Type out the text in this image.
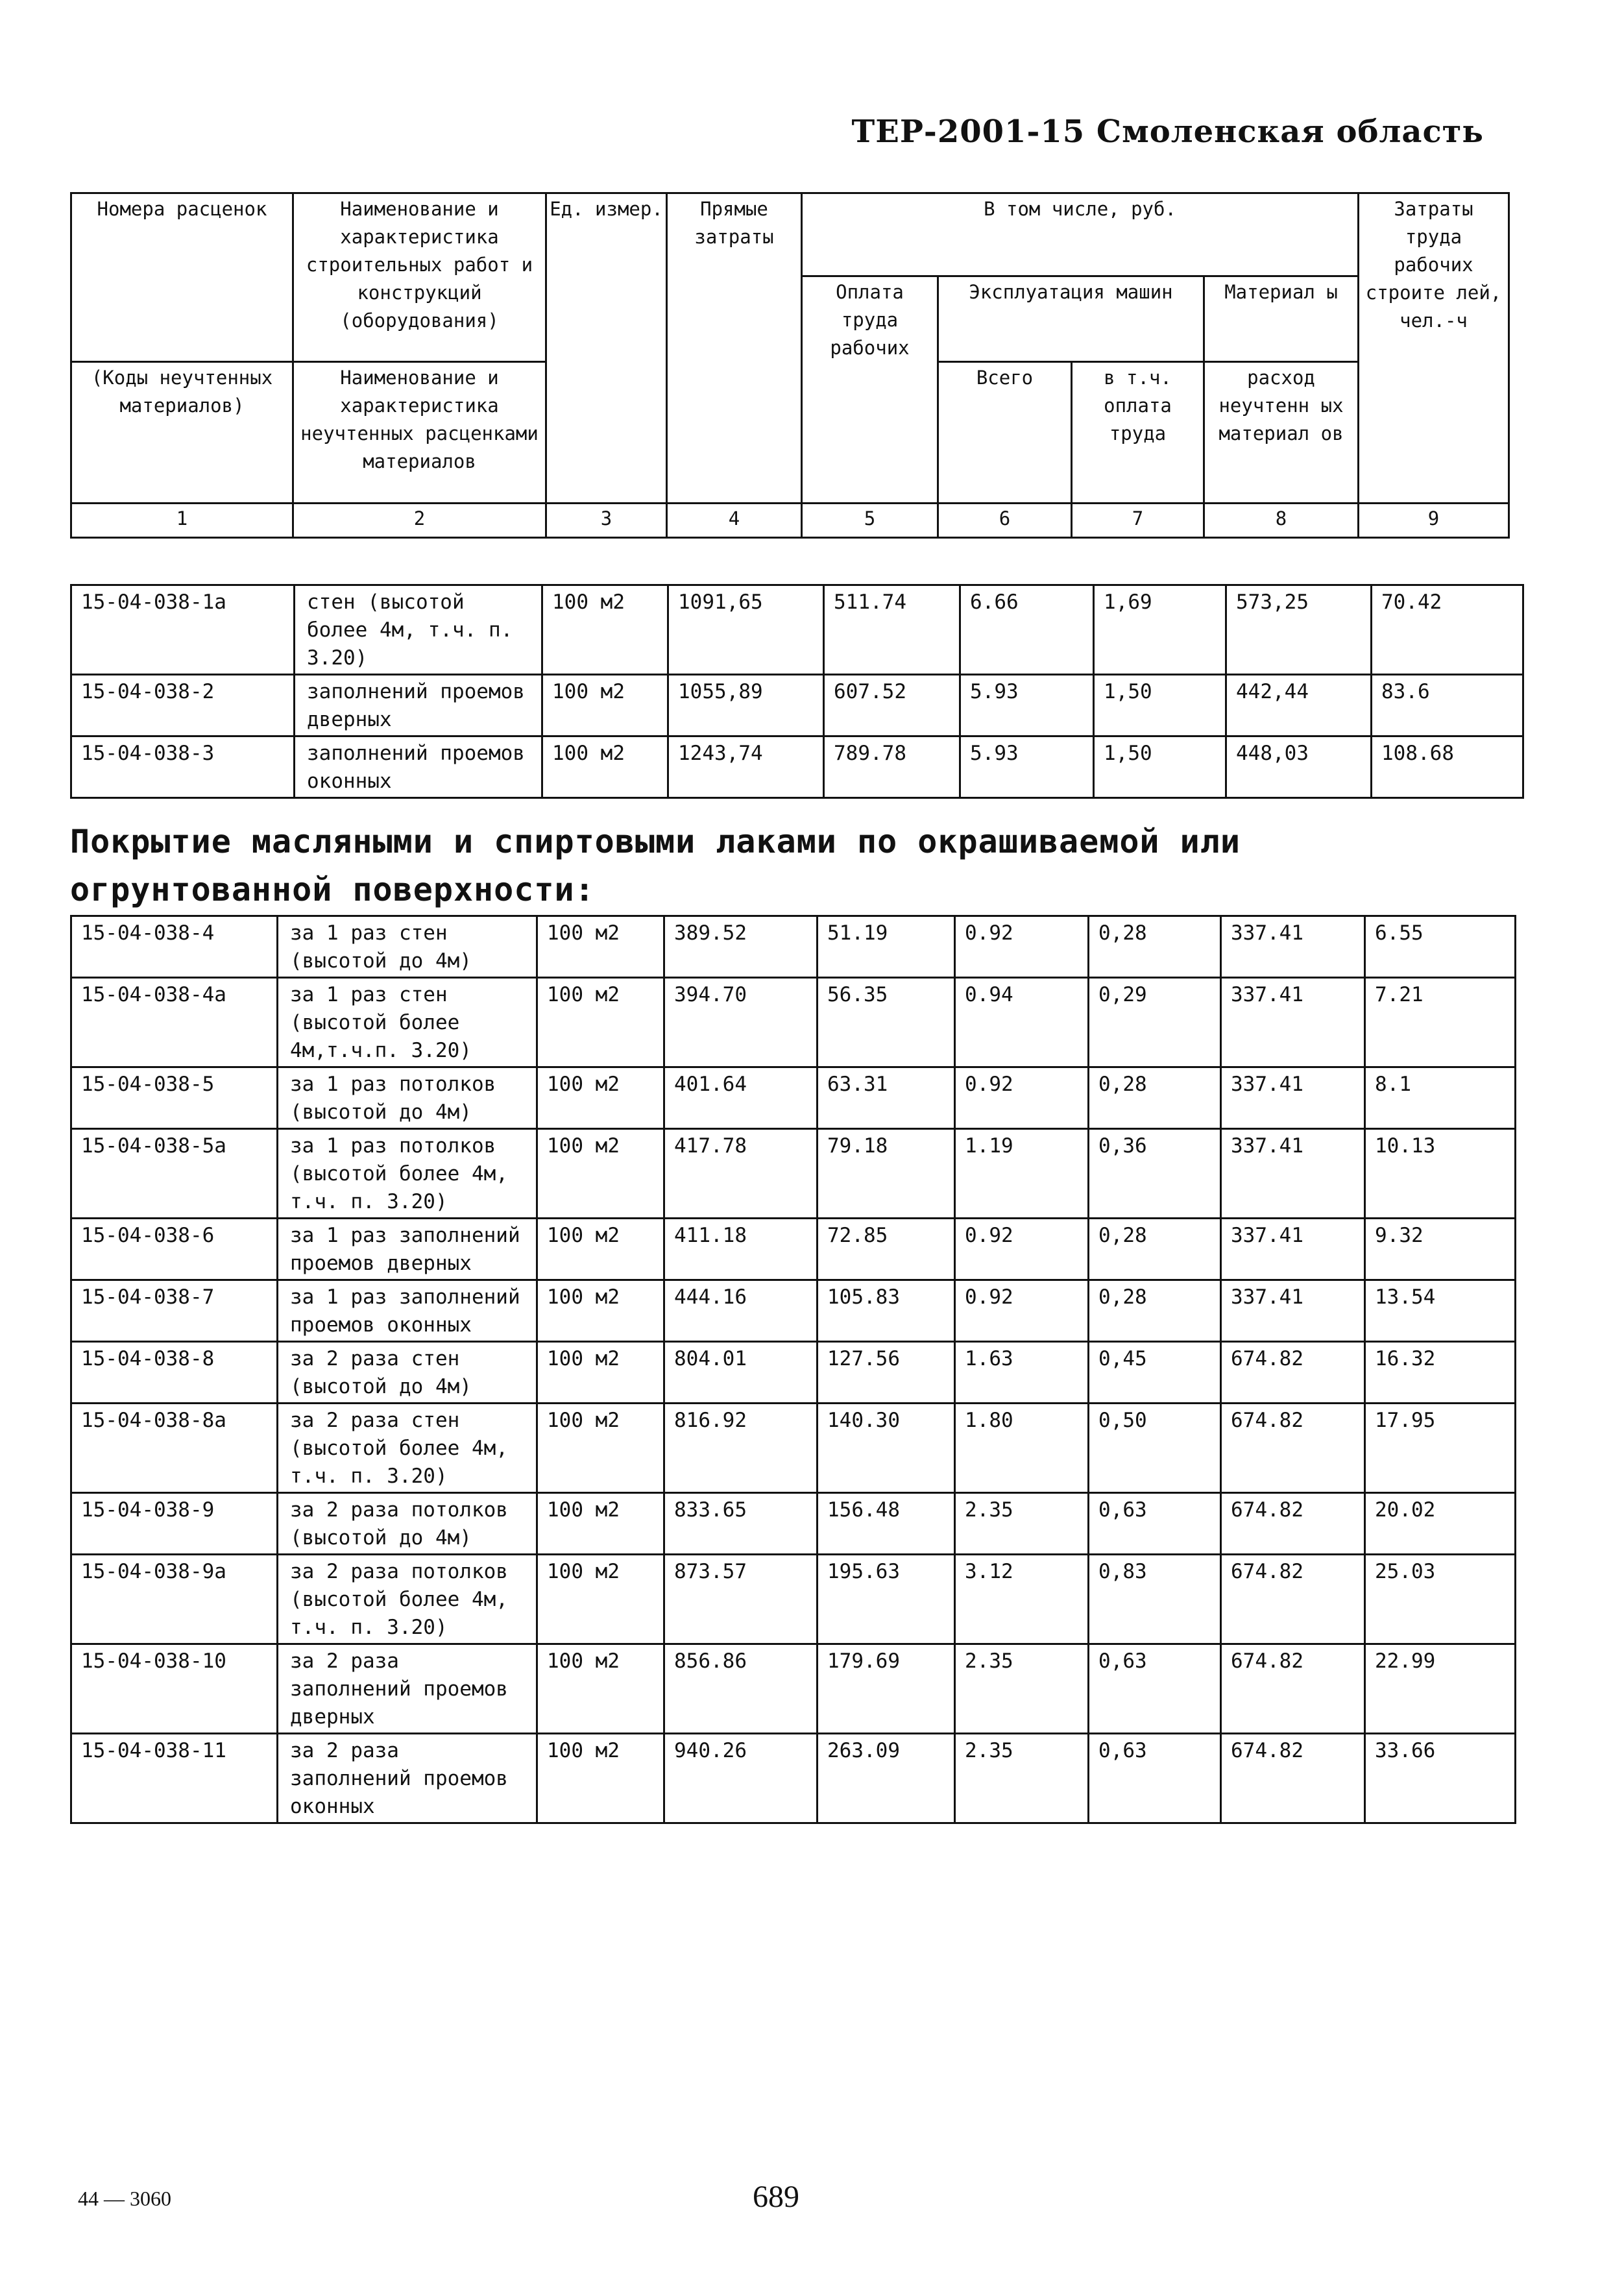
ТЕР-2001-15 Смоленская область
Номера расценок	Наименование и характеристика строительных работ и конструкций (оборудования)	Ед. измер.	Прямые затраты	В том числе, руб.				Затраты труда рабочих строите лей, чел.-ч
				Оплата труда рабочих	Эксплуатация машин		Материал ы	
(Коды неучтенных материалов)	Наименование и характеристика неучтенных расценками материалов				Всего	в т.ч. оплата труда	расход неучтенн ых материал ов	
1	2	3	4	5	6	7	8	9
15-04-038-1а	стен (высотой более 4м, т.ч. п. 3.20)	100 м2	1091,65	511.74	6.66	1,69	573,25	70.42
15-04-038-2	заполнений проемов дверных	100 м2	1055,89	607.52	5.93	1,50	442,44	83.6
15-04-038-3	заполнений проемов оконных	100 м2	1243,74	789.78	5.93	1,50	448,03	108.68
Покрытие масляными и спиртовыми лаками по окрашиваемой или огрунтованной поверхности:
15-04-038-4	за 1 раз стен (высотой до 4м)	100 м2	389.52	51.19	0.92	0,28	337.41	6.55
15-04-038-4а	за 1 раз стен (высотой более 4м,т.ч.п. 3.20)	100 м2	394.70	56.35	0.94	0,29	337.41	7.21
15-04-038-5	за 1 раз потолков (высотой до 4м)	100 м2	401.64	63.31	0.92	0,28	337.41	8.1
15-04-038-5а	за 1 раз потолков (высотой более 4м, т.ч. п. 3.20)	100 м2	417.78	79.18	1.19	0,36	337.41	10.13
15-04-038-6	за 1 раз заполнений проемов дверных	100 м2	411.18	72.85	0.92	0,28	337.41	9.32
15-04-038-7	за 1 раз заполнений проемов оконных	100 м2	444.16	105.83	0.92	0,28	337.41	13.54
15-04-038-8	за 2 раза стен (высотой до 4м)	100 м2	804.01	127.56	1.63	0,45	674.82	16.32
15-04-038-8а	за 2 раза стен (высотой более 4м, т.ч. п. 3.20)	100 м2	816.92	140.30	1.80	0,50	674.82	17.95
15-04-038-9	за 2 раза потолков (высотой до 4м)	100 м2	833.65	156.48	2.35	0,63	674.82	20.02
15-04-038-9а	за 2 раза потолков (высотой более 4м, т.ч. п. 3.20)	100 м2	873.57	195.63	3.12	0,83	674.82	25.03
15-04-038-10	за 2 раза заполнений проемов дверных	100 м2	856.86	179.69	2.35	0,63	674.82	22.99
15-04-038-11	за 2 раза заполнений проемов оконных	100 м2	940.26	263.09	2.35	0,63	674.82	33.66
44 — 3060	689
